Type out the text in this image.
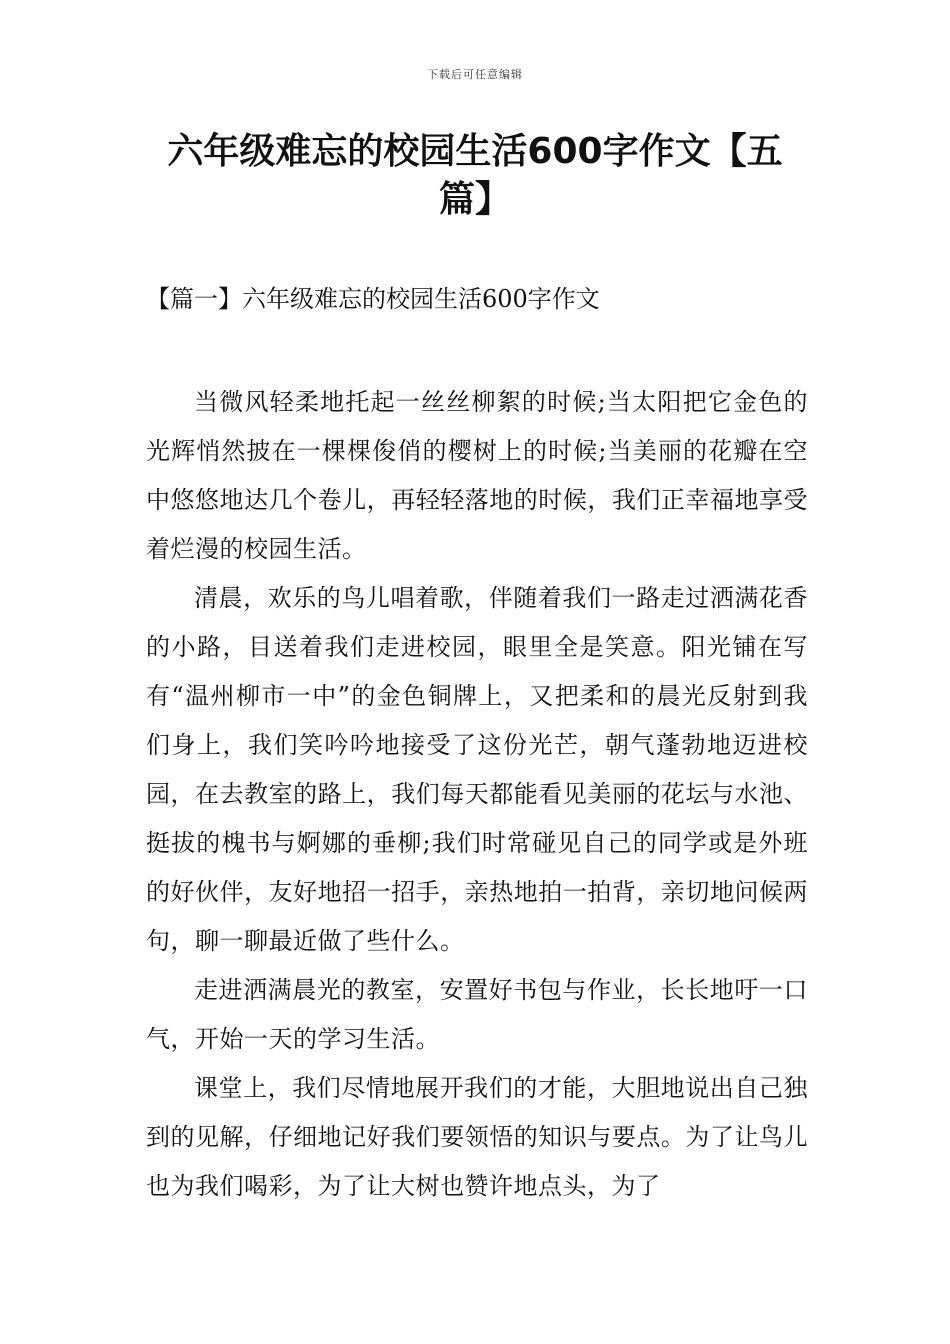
下载后可任意编辑
六年级难忘的校园生活600字作文【五篇】
【篇一】六年级难忘的校园生活600字作文

当微风轻柔地托起一丝丝柳絮的时候;当太阳把它金色的光辉悄然披在一棵棵俊俏的樱树上的时候;当美丽的花瓣在空中悠悠地达几个卷儿，再轻轻落地的时候，我们正幸福地享受着烂漫的校园生活。

清晨，欢乐的鸟儿唱着歌，伴随着我们一路走过洒满花香的小路，目送着我们走进校园，眼里全是笑意。阳光铺在写有“温州柳市一中”的金色铜牌上，又把柔和的晨光反射到我们身上，我们笑吟吟地接受了这份光芒，朝气蓬勃地迈进校园，在去教室的路上，我们每天都能看见美丽的花坛与水池、挺拔的槐书与婀娜的垂柳;我们时常碰见自己的同学或是外班的好伙伴，友好地招一招手，亲热地拍一拍背，亲切地问候两句，聊一聊最近做了些什么。

走进洒满晨光的教室，安置好书包与作业，长长地吁一口气，开始一天的学习生活。

课堂上，我们尽情地展开我们的才能，大胆地说出自己独到的见解，仔细地记好我们要领悟的知识与要点。为了让鸟儿也为我们喝彩，为了让大树也赞许地点头，为了
